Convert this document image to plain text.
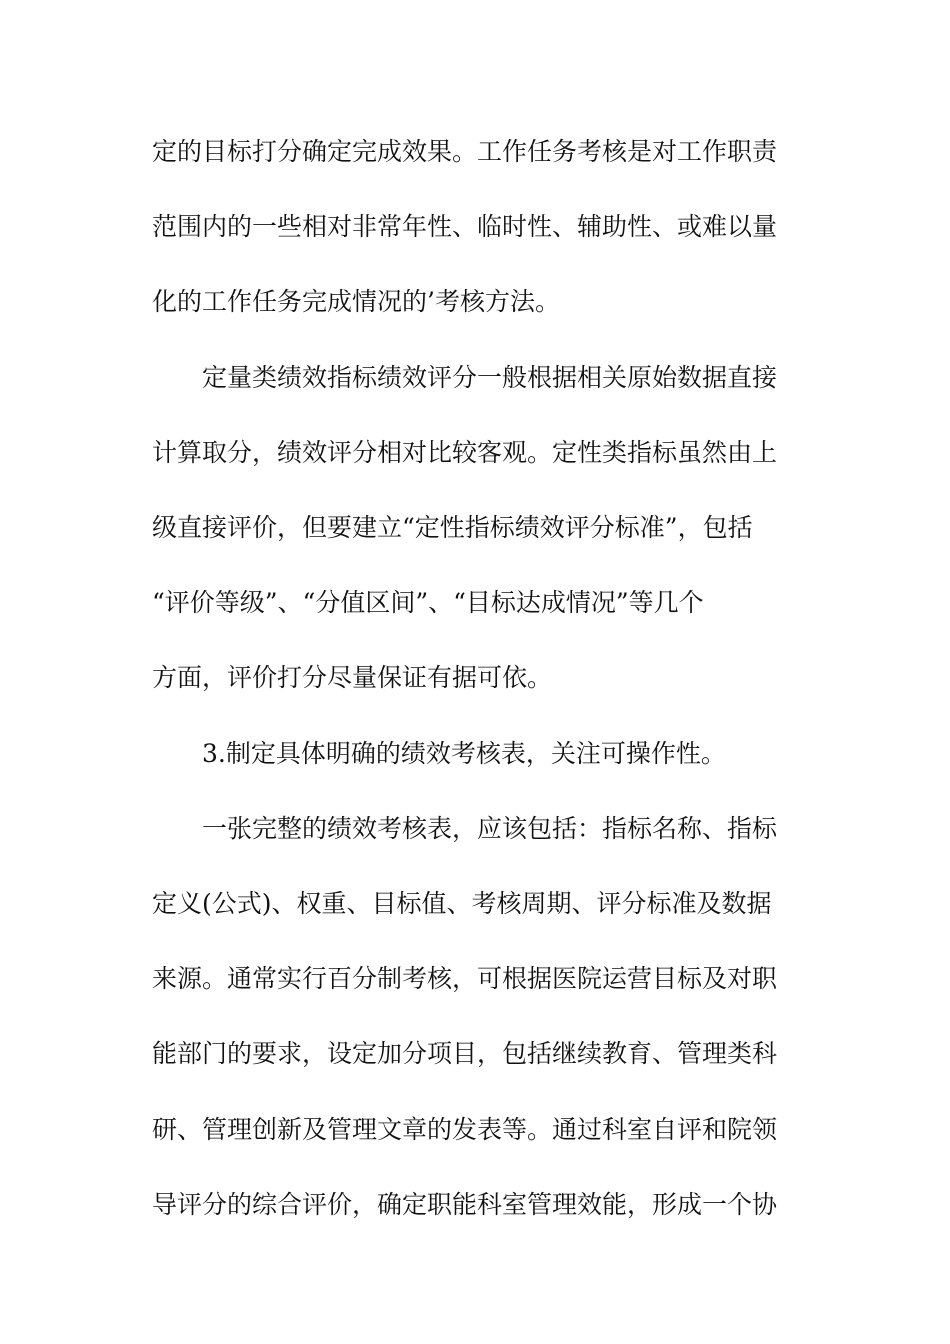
定的目标打分确定完成效果。工作任务考核是对工作职责
范围内的一些相对非常年性、临时性、辅助性、或难以量
化的工作任务完成情况的’考核方法。
定量类绩效指标绩效评分一般根据相关原始数据直接
计算取分，绩效评分相对比较客观。定性类指标虽然由上
级直接评价，但要建立“定性指标绩效评分标准”，包括
“评价等级”、“分值区间”、“目标达成情况”等几个
方面，评价打分尽量保证有据可依。
3.制定具体明确的绩效考核表，关注可操作性。
一张完整的绩效考核表，应该包括：指标名称、指标
定义(公式)、权重、目标值、考核周期、评分标准及数据
来源。通常实行百分制考核，可根据医院运营目标及对职
能部门的要求，设定加分项目，包括继续教育、管理类科
研、管理创新及管理文章的发表等。通过科室自评和院领
导评分的综合评价，确定职能科室管理效能，形成一个协
